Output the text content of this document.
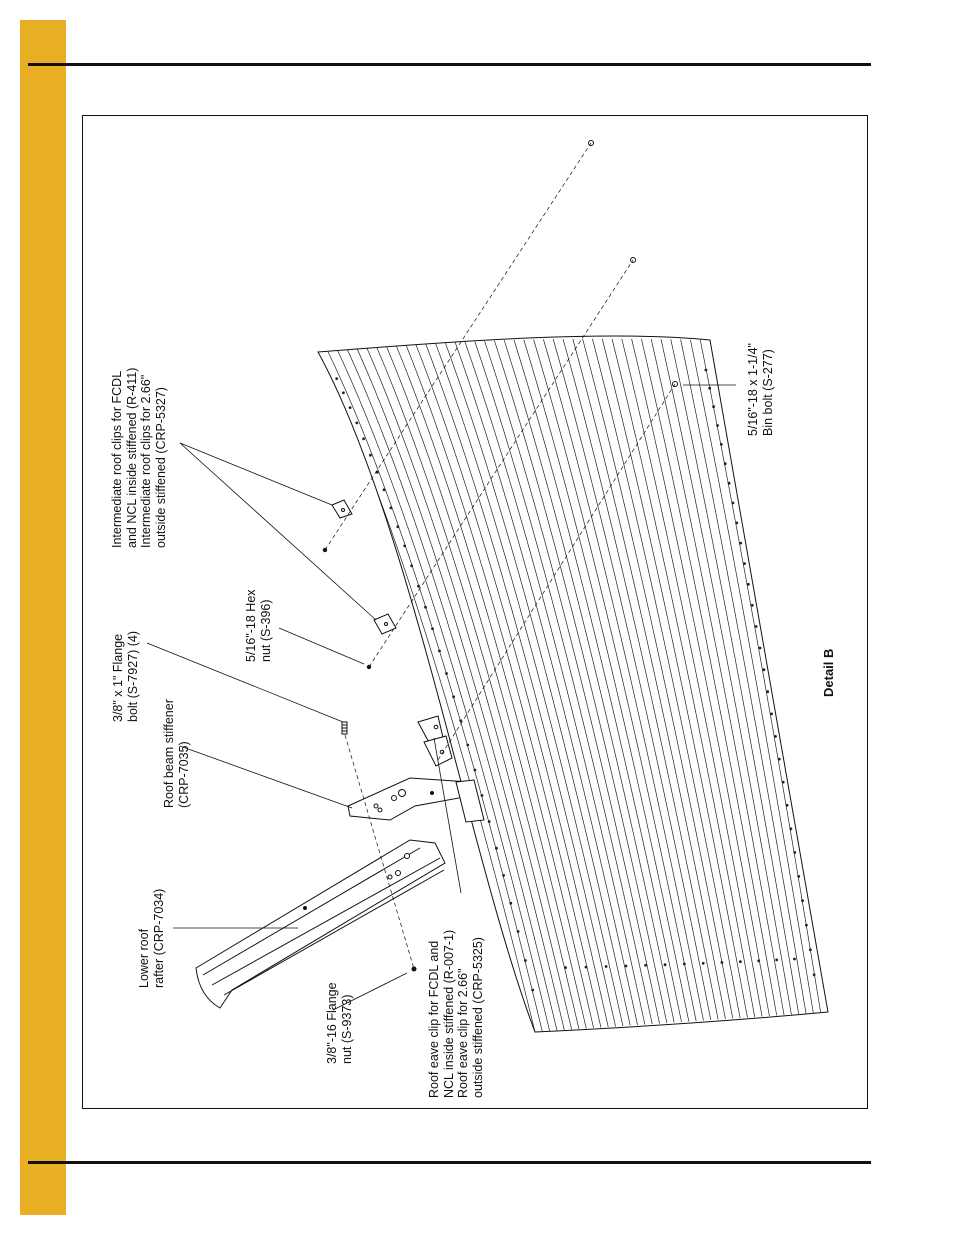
Lower roof rafter (CRP-7034)
3/8"-16 Flange nut (S-9373)	Roof eave clip for FCDL and NCL inside stiffened (R-007-1) Roof eave clip for 2.66" outside stiffened (CRP-5325)
Roof beam stiffener (CRP-7035)
3/8" x 1" Flange bolt (S-7927) (4)
5/16"-18 Hex nut (S-396)
Intermediate roof clips for FCDL and NCL inside stiffened (R-411) Intermediate roof clips for 2.66" outside stiffened (CRP-5327)	5/16"-18 x 1-1/4" Bin bolt (S-277)
Detail B
